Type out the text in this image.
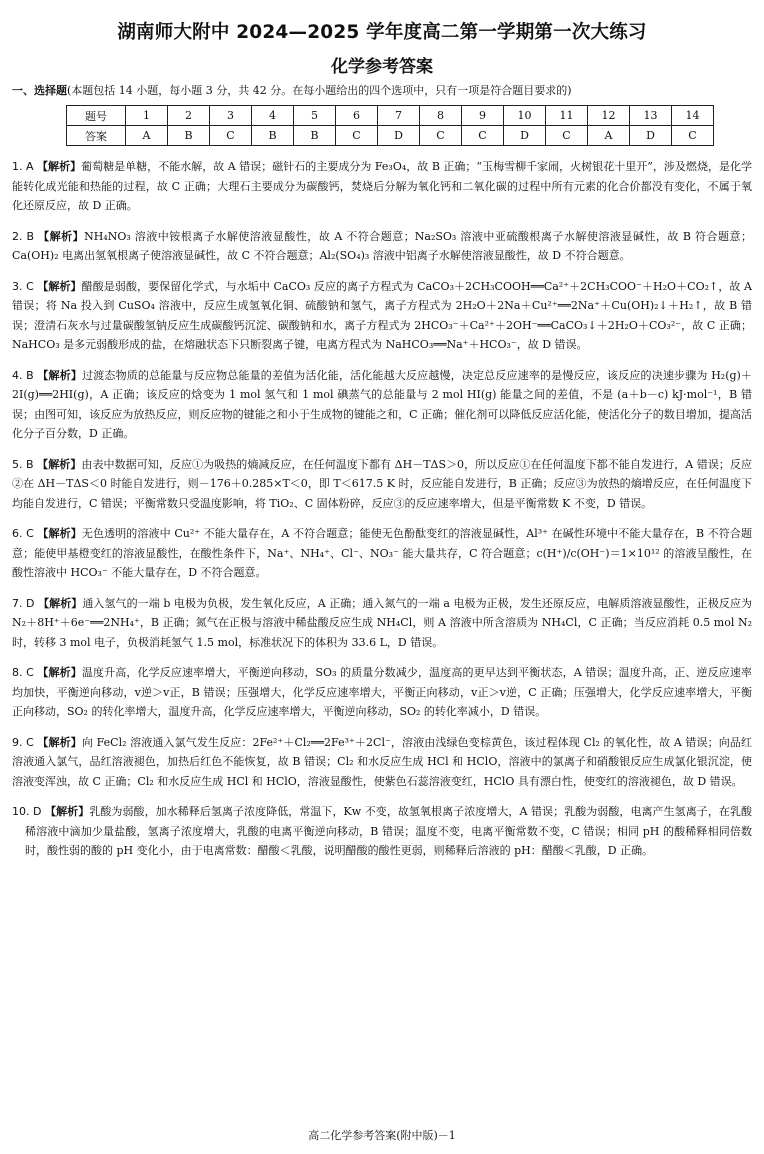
湖南师大附中 2024—2025 学年度高二第一学期第一次大练习
化学参考答案
一、选择题(本题包括 14 小题，每小题 3 分，共 42 分。在每小题给出的四个选项中，只有一项是符合题目要求的)
题号	1	2	3	4	5	6	7	8	9	10	11	12	13	14
答案	A	B	C	B	B	C	D	C	C	D	C	A	D	C

1. A 【解析】葡萄糖是单糖，不能水解，故 A 错误；磁针石的主要成分为 Fe₃O₄，故 B 正确；“玉梅雪柳千家闹，火树银花十里开”，涉及燃烧，是化学能转化成光能和热能的过程，故 C 正确；大理石主要成分为碳酸钙，焚烧后分解为氧化钙和二氧化碳的过程中所有元素的化合价都没有变化，不属于氧化还原反应，故 D 正确。

2. B 【解析】NH₄NO₃ 溶液中铵根离子水解使溶液显酸性，故 A 不符合题意；Na₂SO₃ 溶液中亚硫酸根离子水解使溶液显碱性，故 B 符合题意；Ca(OH)₂ 电离出氢氧根离子使溶液显碱性，故 C 不符合题意；Al₂(SO₄)₃ 溶液中铝离子水解使溶液显酸性，故 D 不符合题意。

3. C 【解析】醋酸是弱酸，要保留化学式，与水垢中 CaCO₃ 反应的离子方程式为 CaCO₃＋2CH₃COOH══Ca²⁺＋2CH₃COO⁻＋H₂O＋CO₂↑，故 A 错误；将 Na 投入到 CuSO₄ 溶液中，反应生成氢氧化铜、硫酸钠和氢气，离子方程式为 2H₂O＋2Na＋Cu²⁺══2Na⁺＋Cu(OH)₂↓＋H₂↑，故 B 错误；澄清石灰水与过量碳酸氢钠反应生成碳酸钙沉淀、碳酸钠和水，离子方程式为 2HCO₃⁻＋Ca²⁺＋2OH⁻══CaCO₃↓＋2H₂O＋CO₃²⁻，故 C 正确；NaHCO₃ 是多元弱酸形成的盐，在熔融状态下只断裂离子键，电离方程式为 NaHCO₃══Na⁺＋HCO₃⁻，故 D 错误。

4. B 【解析】过渡态物质的总能量与反应物总能量的差值为活化能，活化能越大反应越慢，决定总反应速率的是慢反应，该反应的决速步骤为 H₂(g)＋2I(g)══2HI(g)，A 正确；该反应的焓变为 1 mol 氢气和 1 mol 碘蒸气的总能量与 2 mol HI(g) 能量之间的差值，不是 (a＋b－c) kJ·mol⁻¹，B 错误；由图可知，该反应为放热反应，则反应物的键能之和小于生成物的键能之和，C 正确；催化剂可以降低反应活化能，使活化分子的数目增加，提高活化分子百分数，D 正确。

5. B 【解析】由表中数据可知，反应①为吸热的熵减反应，在任何温度下都有 ΔH－TΔS＞0，所以反应①在任何温度下都不能自发进行，A 错误；反应②在 ΔH－TΔS＜0 时能自发进行，则－176＋0.285×T＜0，即 T＜617.5 K 时，反应能自发进行，B 正确；反应③为放热的熵增反应，在任何温度下均能自发进行，C 错误；平衡常数只受温度影响，将 TiO₂、C 固体粉碎，反应③的反应速率增大，但是平衡常数 K 不变，D 错误。

6. C 【解析】无色透明的溶液中 Cu²⁺ 不能大量存在，A 不符合题意；能使无色酚酞变红的溶液显碱性，Al³⁺ 在碱性环境中不能大量存在，B 不符合题意；能使甲基橙变红的溶液显酸性，在酸性条件下，Na⁺、NH₄⁺、Cl⁻、NO₃⁻ 能大量共存，C 符合题意；c(H⁺)/c(OH⁻)＝1×10¹² 的溶液呈酸性，在酸性溶液中 HCO₃⁻ 不能大量存在，D 不符合题意。

7. D 【解析】通入氢气的一端 b 电极为负极，发生氧化反应，A 正确；通入氮气的一端 a 电极为正极，发生还原反应，电解质溶液显酸性，正极反应为 N₂＋8H⁺＋6e⁻══2NH₄⁺，B 正确；氮气在正极与溶液中稀盐酸反应生成 NH₄Cl，则 A 溶液中所含溶质为 NH₄Cl，C 正确；当反应消耗 0.5 mol N₂ 时，转移 3 mol 电子，负极消耗氢气 1.5 mol，标准状况下的体积为 33.6 L，D 错误。

8. C 【解析】温度升高，化学反应速率增大，平衡逆向移动，SO₃ 的质量分数减少，温度高的更早达到平衡状态，A 错误；温度升高，正、逆反应速率均加快，平衡逆向移动，v逆＞v正，B 错误；压强增大，化学反应速率增大，平衡正向移动，v正＞v逆，C 正确；压强增大，化学反应速率增大，平衡正向移动，SO₂ 的转化率增大，温度升高，化学反应速率增大，平衡逆向移动，SO₂ 的转化率减小，D 错误。

9. C 【解析】向 FeCl₂ 溶液通入氯气发生反应：2Fe²⁺＋Cl₂══2Fe³⁺＋2Cl⁻，溶液由浅绿色变棕黄色，该过程体现 Cl₂ 的氧化性，故 A 错误；向品红溶液通入氯气，品红溶液褪色，加热后红色不能恢复，故 B 错误；Cl₂ 和水反应生成 HCl 和 HClO，溶液中的氯离子和硝酸银反应生成氯化银沉淀，使溶液变浑浊，故 C 正确；Cl₂ 和水反应生成 HCl 和 HClO，溶液显酸性，使紫色石蕊溶液变红，HClO 具有漂白性，使变红的溶液褪色，故 D 错误。

10. D 【解析】乳酸为弱酸，加水稀释后氢离子浓度降低，常温下，Kw 不变，故氢氧根离子浓度增大，A 错误；乳酸为弱酸，电离产生氢离子，在乳酸稀溶液中滴加少量盐酸，氢离子浓度增大，乳酸的电离平衡逆向移动，B 错误；温度不变，电离平衡常数不变，C 错误；相同 pH 的酸稀释相同倍数时，酸性弱的酸的 pH 变化小，由于电离常数：醋酸＜乳酸，说明醋酸的酸性更弱，则稀释后溶液的 pH：醋酸＜乳酸，D 正确。

高二化学参考答案(附中版)－1
